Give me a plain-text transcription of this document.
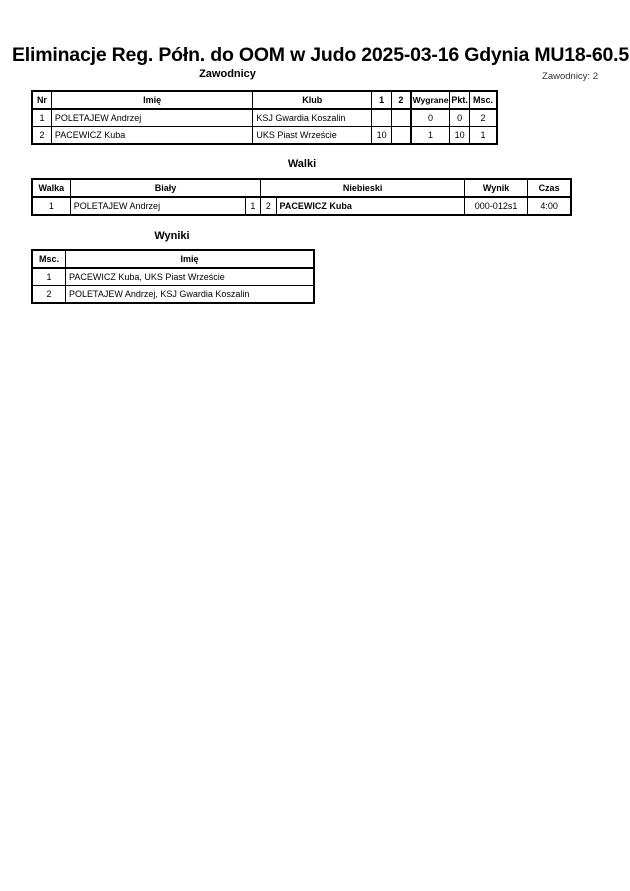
Eliminacje Reg. Półn. do OOM w Judo 2025-03-16 Gdynia MU18-60.5
Zawodnicy	Zawodnicy: 2
Nr	Imię	Klub	1	2	Wygrane	Pkt.	Msc.
1	POLETAJEW Andrzej	KSJ Gwardia Koszalin			0	0	2
2	PACEWICZ Kuba	UKS Piast Wrzeście	10		1	10	1
Walki
Walka	Biały		Niebieski		Wynik	Czas
1	POLETAJEW Andrzej	1	2	PACEWICZ Kuba	000-012s1	4:00
Wyniki
Msc.	Imię
1	PACEWICZ Kuba, UKS Piast Wrzeście
2	POLETAJEW Andrzej, KSJ Gwardia Koszalin
